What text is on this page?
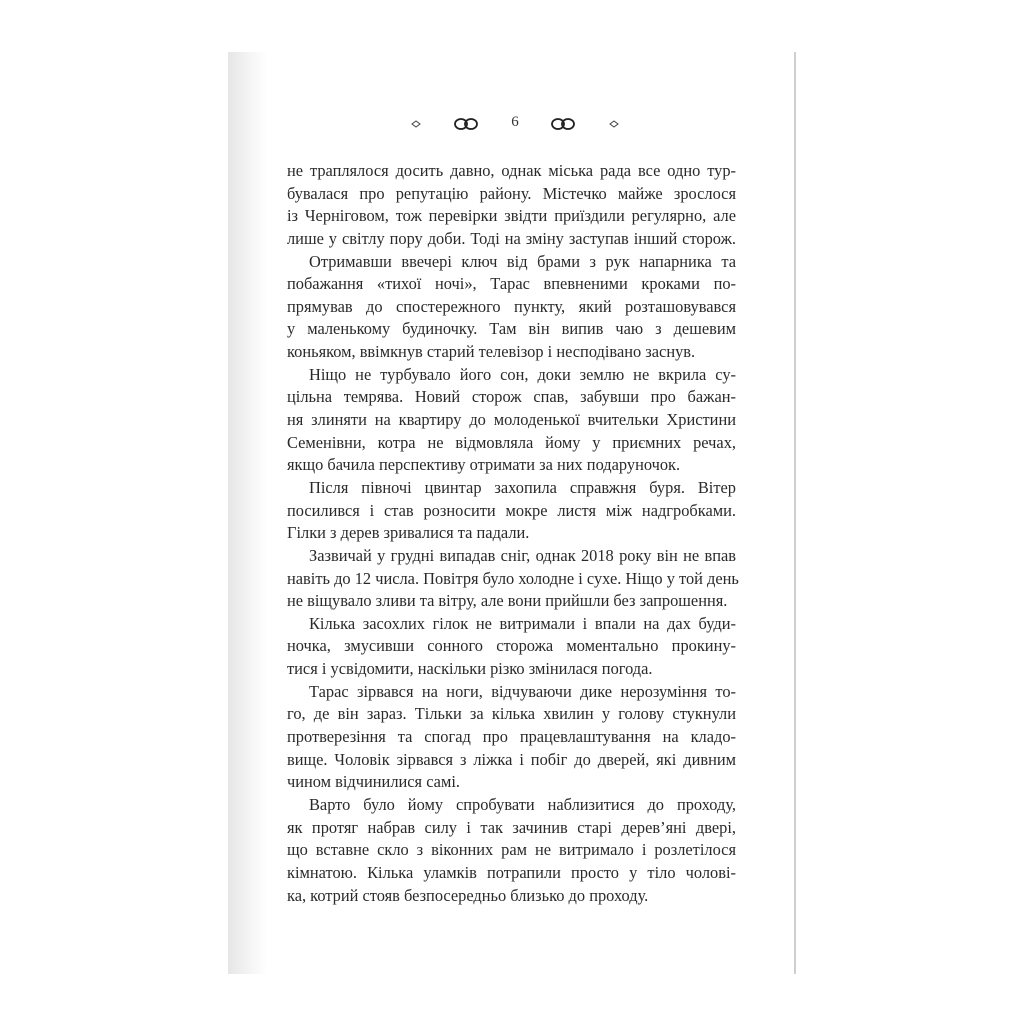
6
не траплялося досить давно, однак міська рада все одно тур-
бувалася про репутацію району. Містечко майже зрослося
із Черніговом, тож перевірки звідти приїздили регулярно, але
лише у світлу пору доби. Тоді на зміну заступав інший сторож.
Отримавши ввечері ключ від брами з рук напарника та
побажання «тихої ночі», Тарас впевненими кроками по-
прямував до спостережного пункту, який розташовувався
у маленькому будиночку. Там він випив чаю з дешевим
коньяком, ввімкнув старий телевізор і несподівано заснув.
Ніщо не турбувало його сон, доки землю не вкрила су-
цільна темрява. Новий сторож спав, забувши про бажан-
ня злиняти на квартиру до молоденької вчительки Христини
Семенівни, котра не відмовляла йому у приємних речах,
якщо бачила перспективу отримати за них подаруночок.
Після півночі цвинтар захопила справжня буря. Вітер
посилився і став розносити мокре листя між надгробками.
Гілки з дерев зривалися та падали.
Зазвичай у грудні випадав сніг, однак 2018 року він не впав
навіть до 12 числа. Повітря було холодне і сухе. Ніщо у той день
не віщувало зливи та вітру, але вони прийшли без запрошення.
Кілька засохлих гілок не витримали і впали на дах буди-
ночка, змусивши сонного сторожа моментально прокину-
тися і усвідомити, наскільки різко змінилася погода.
Тарас зірвався на ноги, відчуваючи дике нерозуміння то-
го, де він зараз. Тільки за кілька хвилин у голову стукнули
протверезіння та спогад про працевлаштування на кладо-
вище. Чоловік зірвався з ліжка і побіг до дверей, які дивним
чином відчинилися самі.
Варто було йому спробувати наблизитися до проходу,
як протяг набрав силу і так зачинив старі дерев’яні двері,
що вставне скло з віконних рам не витримало і розлетілося
кімнатою. Кілька уламків потрапили просто у тіло чолові-
ка, котрий стояв безпосередньо близько до проходу.
